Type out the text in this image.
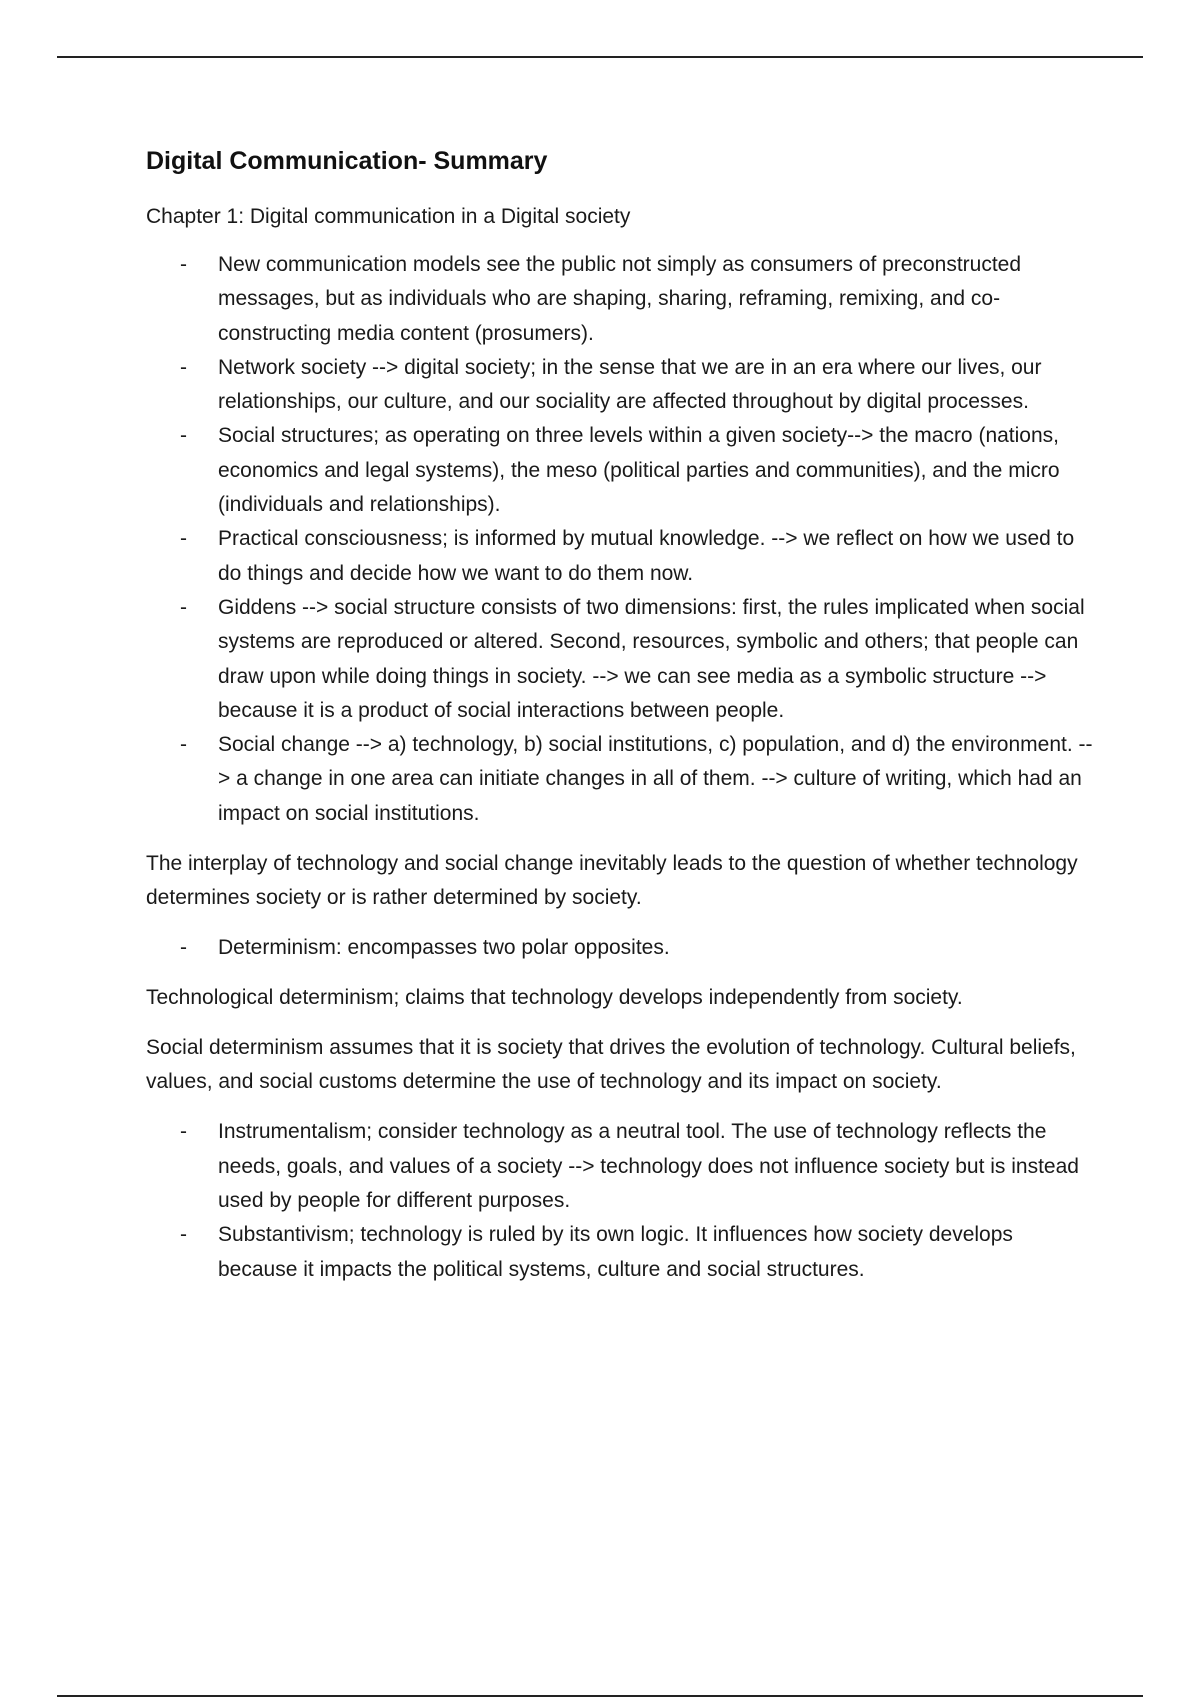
Digital Communication- Summary

Chapter 1: Digital communication in a Digital society

-	New communication models see the public not simply as consumers of preconstructed messages, but as individuals who are shaping, sharing, reframing, remixing, and co-constructing media content (prosumers).
-	Network society --> digital society; in the sense that we are in an era where our lives, our relationships, our culture, and our sociality are affected throughout by digital processes.
-	Social structures; as operating on three levels within a given society--> the macro (nations, economics and legal systems), the meso (political parties and communities), and the micro (individuals and relationships).
-	Practical consciousness; is informed by mutual knowledge. --> we reflect on how we used to do things and decide how we want to do them now.
-	Giddens --> social structure consists of two dimensions: first, the rules implicated when social systems are reproduced or altered. Second, resources, symbolic and others; that people can draw upon while doing things in society. --> we can see media as a symbolic structure --> because it is a product of social interactions between people.
-	Social change --> a) technology, b) social institutions, c) population, and d) the environment. --> a change in one area can initiate changes in all of them. --> culture of writing, which had an impact on social institutions.

The interplay of technology and social change inevitably leads to the question of whether technology determines society or is rather determined by society.

-	Determinism: encompasses two polar opposites.

Technological determinism; claims that technology develops independently from society.

Social determinism assumes that it is society that drives the evolution of technology. Cultural beliefs, values, and social customs determine the use of technology and its impact on society.

-	Instrumentalism; consider technology as a neutral tool. The use of technology reflects the needs, goals, and values of a society --> technology does not influence society but is instead used by people for different purposes.
-	Substantivism; technology is ruled by its own logic. It influences how society develops because it impacts the political systems, culture and social structures.
